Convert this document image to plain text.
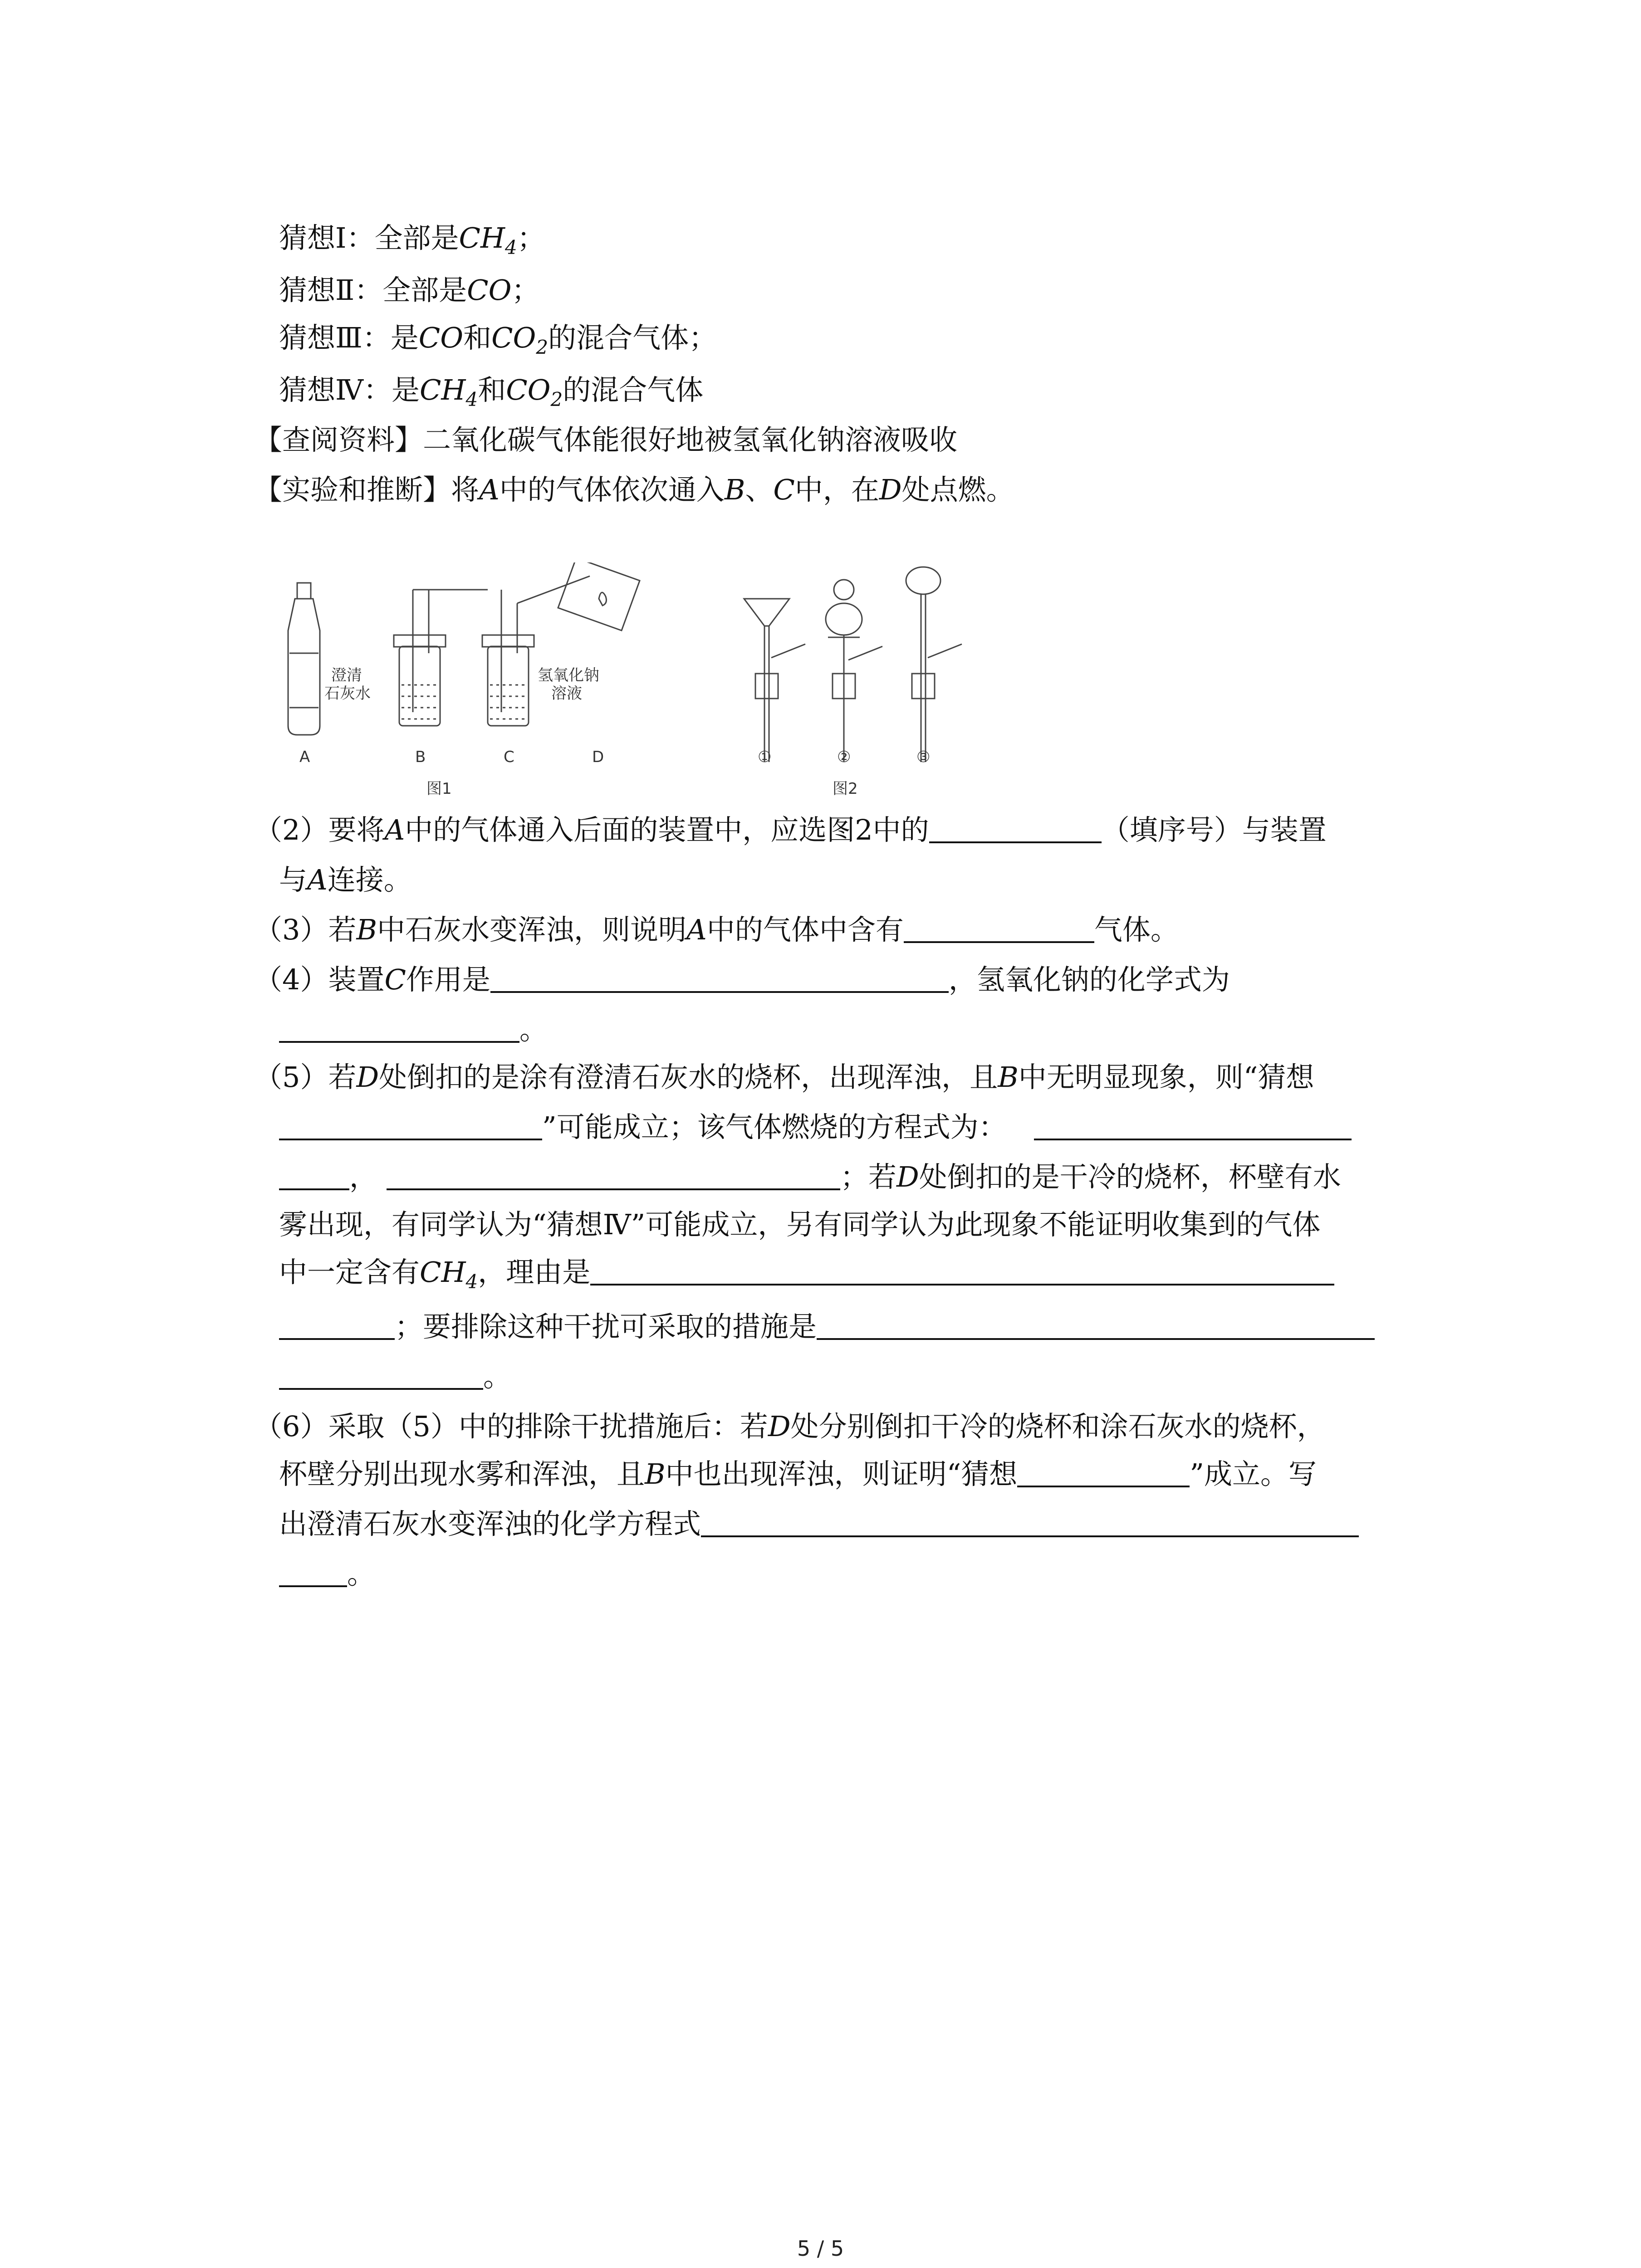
猜想Ⅰ：全部是$CH_4$；
猜想Ⅱ：全部是CO；
猜想Ⅲ：是CO和$CO_2$的混合气体；
猜想Ⅳ：是$CH_4$和$CO_2$的混合气体
【查阅资料】二氧化碳气体能很好地被氢氧化钠溶液吸收
【实验和推断】将A中的气体依次通入B、C中，在D处点燃。
澄清
石灰水
氢氧化钠
溶液
A	B	C	D
图1
①	②	③
图2
（2）要将A中的气体通入后面的装置中，应选图2中的	（填序号）与装置
与A连接。
（3）若B中石灰水变浑浊，则说明A中的气体中含有	气体。
（4）装置C作用是	，氢氧化钠的化学式为
。
（5）若D处倒扣的是涂有澄清石灰水的烧杯，出现浑浊，且B中无明显现象，则“猜想
”可能成立；该气体燃烧的方程式为：
，	；若D处倒扣的是干冷的烧杯，杯壁有水
雾出现，有同学认为“猜想Ⅳ”可能成立，另有同学认为此现象不能证明收集到的气体
中一定含有$CH_4$，理由是
；要排除这种干扰可采取的措施是
。
（6）采取（5）中的排除干扰措施后：若D处分别倒扣干冷的烧杯和涂石灰水的烧杯，
杯壁分别出现水雾和浑浊，且B中也出现浑浊，则证明“猜想	”成立。写
出澄清石灰水变浑浊的化学方程式
。
5 / 5
